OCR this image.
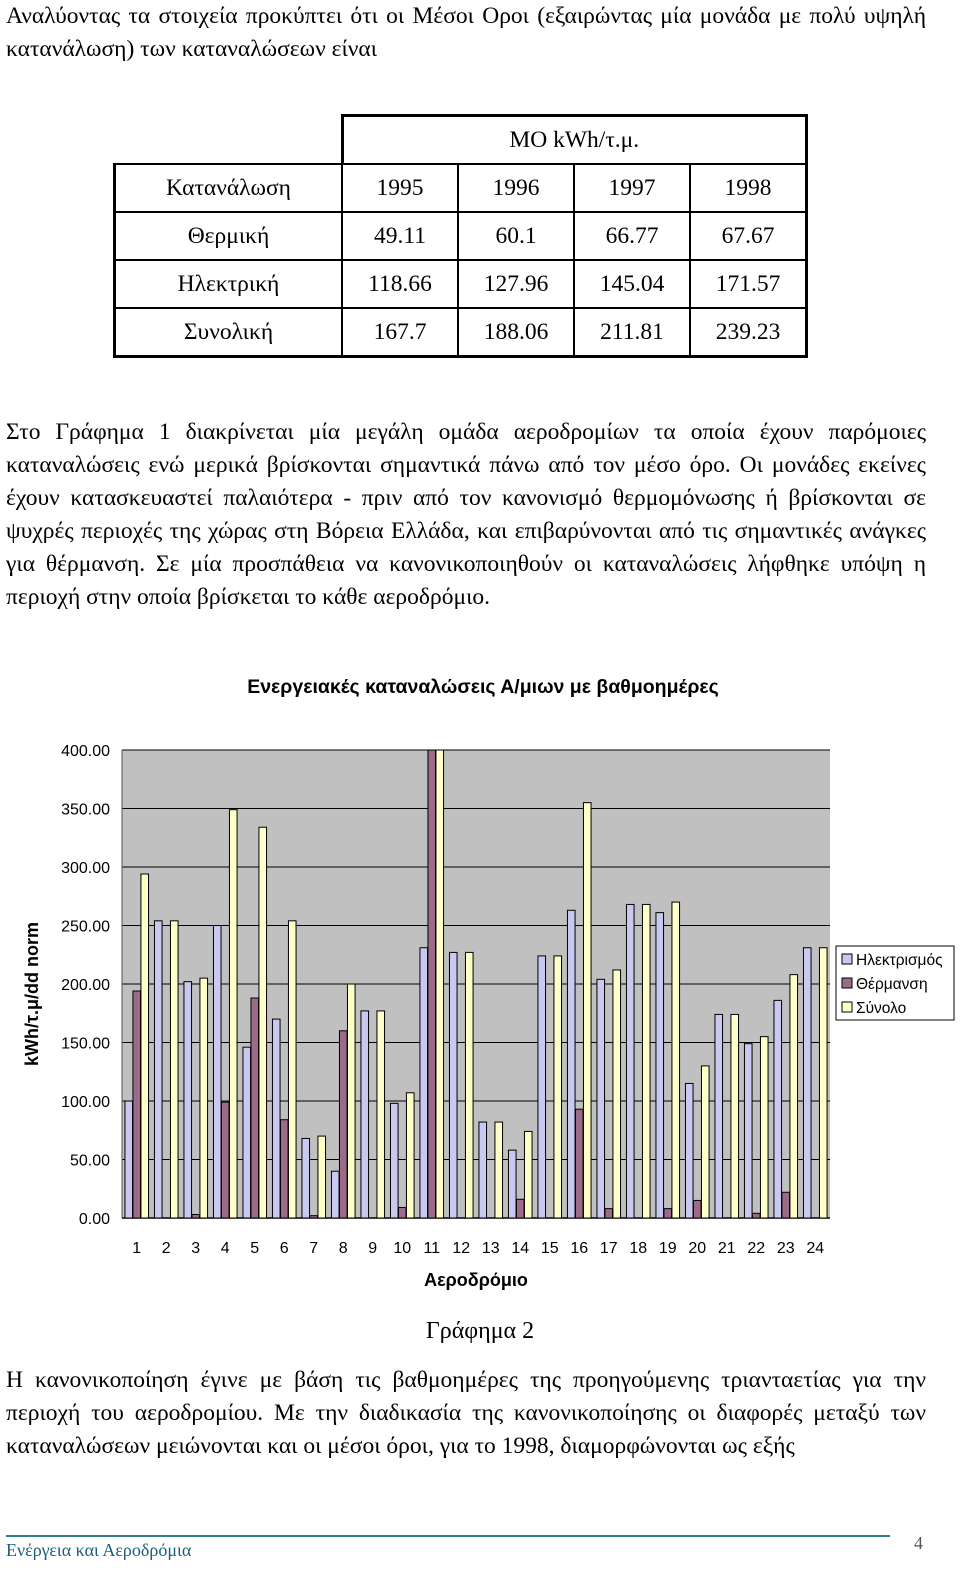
Αναλύοντας τα στοιχεία προκύπτει ότι οι Μέσοι Οροι (εξαιρώντας μία μονάδα με πολύ υψηλή κατανάλωση) των καταναλώσεων είναι

	ΜΟ kWh/τ.μ.			
Κατανάλωση	1995	1996	1997	1998
Θερμική	49.11	60.1	66.77	67.67
Ηλεκτρική	118.66	127.96	145.04	171.57
Συνολική	167.7	188.06	211.81	239.23

Στο Γράφημα 1 διακρίνεται μία μεγάλη ομάδα αεροδρομίων τα οποία έχουν παρόμοιες καταναλώσεις ενώ μερικά βρίσκονται σημαντικά πάνω από τον μέσο όρο. Οι μονάδες εκείνες έχουν κατασκευαστεί παλαιότερα - πριν από τον κανονισμό θερμομόνωσης ή βρίσκονται σε ψυχρές περιοχές της χώρας στη Βόρεια Ελλάδα, και επιβαρύνονται από τις σημαντικές ανάγκες για θέρμανση. Σε μία προσπάθεια να κανονικοποιηθούν οι καταναλώσεις λήφθηκε υπόψη η περιοχή στην οποία βρίσκεται το κάθε αεροδρόμιο.

Ενεργειακές καταναλώσεις Α/μιων με βαθμοημέρες
0.00
50.00
100.00
150.00
200.00
250.00
300.00
350.00
400.00
1 2 3 4 5 6 7 8 9 10 11 12 13 14 15 16 17 18 19 20 21 22 23 24
Αεροδρόμιο
kWh/τ.μ/dd norm	Ηλεκτρισμός
Θέρμανση
Σύνολο
Γράφημα 2

Η κανονικοποίηση έγινε με βάση τις βαθμοημέρες της προηγούμενης τριανταετίας για την περιοχή του αεροδρομίου. Με την διαδικασία της κανονικοποίησης οι διαφορές μεταξύ των καταναλώσεων μειώνονται και οι μέσοι όροι, για το 1998, διαμορφώνονται ως εξής

Ενέργεια και Αεροδρόμια	4
